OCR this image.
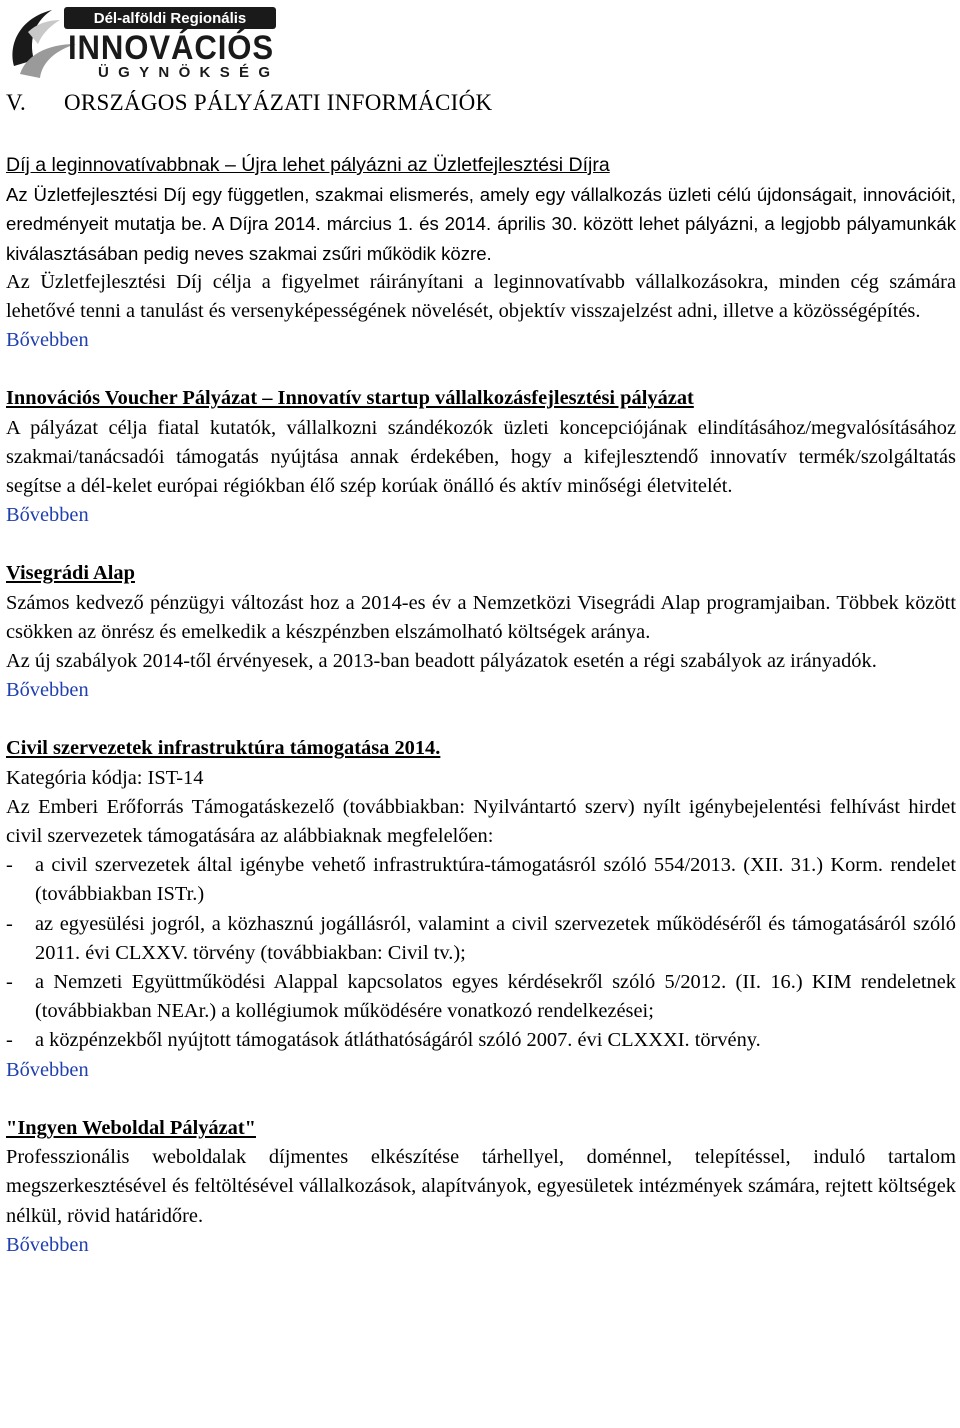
Dél-alföldi Regionális
INNOVÁCIÓS
ÜGYNÖKSÉG
V. ORSZÁGOS PÁLYÁZATI INFORMÁCIÓK

Díj a leginnovatívabbnak – Újra lehet pályázni az Üzletfejlesztési Díjra

Az Üzletfejlesztési Díj egy független, szakmai elismerés, amely egy vállalkozás üzleti célú újdonságait, innovációit, eredményeit mutatja be. A Díjra 2014. március 1. és 2014. április 30. között lehet pályázni, a legjobb pályamunkák kiválasztásában pedig neves szakmai zsűri működik közre.

Az Üzletfejlesztési Díj célja a figyelmet ráirányítani a leginnovatívabb vállalkozásokra, minden cég számára lehetővé tenni a tanulást és versenyképességének növelését, objektív visszajelzést adni, illetve a közösségépítés.

Bővebben

Innovációs Voucher Pályázat – Innovatív startup vállalkozásfejlesztési pályázat

A pályázat célja fiatal kutatók, vállalkozni szándékozók üzleti koncepciójának elindításához/megvalósításához szakmai/tanácsadói támogatás nyújtása annak érdekében, hogy a kifejlesztendő innovatív termék/szolgáltatás segítse a dél-kelet európai régiókban élő szép korúak önálló és aktív minőségi életvitelét.

Bővebben

Visegrádi Alap

Számos kedvező pénzügyi változást hoz a 2014-es év a Nemzetközi Visegrádi Alap programjaiban. Többek között csökken az önrész és emelkedik a készpénzben elszámolható költségek aránya.

Az új szabályok 2014-től érvényesek, a 2013-ban beadott pályázatok esetén a régi szabályok az irányadók.

Bővebben

Civil szervezetek infrastruktúra támogatása 2014.

Kategória kódja: IST-14

Az Emberi Erőforrás Támogatáskezelő (továbbiakban: Nyilvántartó szerv) nyílt igénybejelentési felhívást hirdet civil szervezetek támogatására az alábbiaknak megfelelően:

- a civil szervezetek által igénybe vehető infrastruktúra-támogatásról szóló 554/2013. (XII. 31.) Korm. rendelet (továbbiakban ISTr.)
- az egyesülési jogról, a közhasznú jogállásról, valamint a civil szervezetek működéséről és támogatásáról szóló 2011. évi CLXXV. törvény (továbbiakban: Civil tv.);
- a Nemzeti Együttműködési Alappal kapcsolatos egyes kérdésekről szóló 5/2012. (II. 16.) KIM rendeletnek (továbbiakban NEAr.) a kollégiumok működésére vonatkozó rendelkezései;
- a közpénzekből nyújtott támogatások átláthatóságáról szóló 2007. évi CLXXXI. törvény.
Bővebben

"Ingyen Weboldal Pályázat"

Professzionális weboldalak díjmentes elkészítése tárhellyel, doménnel, telepítéssel, induló tartalom megszerkesztésével és feltöltésével vállalkozások, alapítványok, egyesületek intézmények számára, rejtett költségek nélkül, rövid határidőre.

Bővebben
